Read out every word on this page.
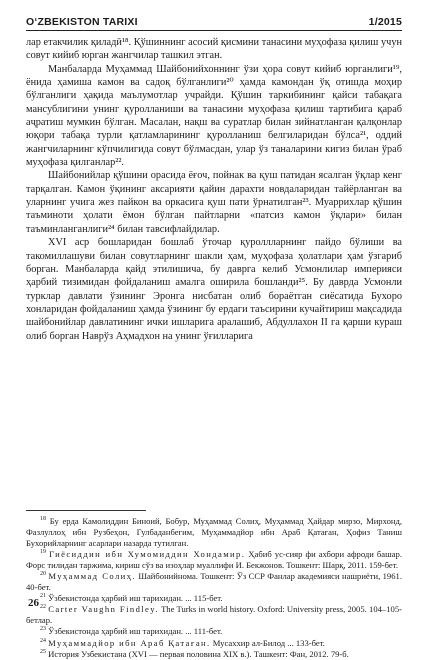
O‘ZBEKISTON TARIXI	1/2015

лар етакчилик қиладӣ¹⁸. Қўшиннинг асосий қисмини танасини муҳофаза қилиш учун совут кийиб юрган жангчилар ташкил этган.

Манбаларда Муҳаммад Шайбонийхоннинг ўзи ҳора совут кийиб юрганлиги¹⁹, ёнида ҳамиша камон ва садоқ бўлганлиги²⁰ ҳамда камондан ўқ отишда моҳир бўлганлиги ҳақида маълумотлар учрайди. Қўшин таркибининг қайси табақага мансублигини унинг қуролланиши ва танасини муҳофаза қилиш тартибига қараб аҷратиш мумкин бўлган. Масалан, нақш ва суратлар билан зийнатланган қалқонлар юқори табақа турли қатламларининг қуролланиш белгиларидан бўлса²¹, оддий жангчиларнинг кўпчилигида совут бўлмасдан, улар ўз таналарини кигиз билан ўраб муҳофаза қилганлар²².

Шайбонийлар қўшини орасида ёғоч, пойнак ва қуш патидан ясалган ўқлар кенг тарқалган. Камон ўқининг аксарияти қайин дарахти новдаларидан тайёрланган ва уларнинг учига жез пайкон ва оркасига қуш пати ўрнатилган²³. Муаррихлар қўшин таъминоти ҳолати ёмон бўлган пайтларни «патсиз камон ўқлари» билан таъминланганлиги²⁴ билан тавсифлайдилар.

XVI аср бошларидан бошлаб ўточар қуроллларнинг пайдо бўлиши ва такомиллашуви билан совутларнинг шакли ҳам, муҳофаза ҳолатлари ҳам ўзгариб борган. Манбаларда қайд этилишича, бу даврга келиб Усмонлилар империяси ҳарбий тизимидан фойдаланиш амалга оширила бошланди²⁵. Бу даврда Усмонли турклар давлати ўзининг Эронга нисбатан олиб бораётган сиёсатида Бухоро хонларидан фойдаланиш ҳамда ўзининг бу ердаги таъсирини кучайтириш мақсадида шайбонийлар давлатининг ички ишларига аралашиб, Абдуллахон II га қарши кураш олиб борган Наврўз Аҳмадхон на унинг ўғилларига

$^{18}$ Бу ерда Камолиддин Биноий, Бобур, Муҳаммад Солиҳ, Муҳаммад Ҳайдар мирзо, Мирхонд, Фазлуллоҳ ибн Рузбеҳон, Гулбаданбегим, Муҳаммадйор ибн Араб Қатаған, Ҳофиз Таниш Бухорийларнинг асарлари назарда тутилган.

$^{19}$ Гиёсиддин ибн Хумомиддин Хондамир. Ҳабиб ус-сияр фи ахбори афроди башар. Форс тилидан таржима, кириш сўз ва изоҳлар муаллифи И. Бекжонов. Тошкент: Шарқ, 2011. 159-бет.

$^{20}$ Муҳаммад Солиҳ. Шайбонийнома. Тошкент: Ўз ССР Фанлар академияси нашриёти, 1961. 40-бет.

$^{21}$ Ўзбекистонда ҳарбий иш тарихидан. ... 115-бет.

$^{22}$ Carter Vaughn Findley. The Turks in world history. Oxford: University press, 2005. 104–105-бетлар.

$^{23}$ Ўзбекистонда ҳарбий иш тарихидан. ... 111-бет.

$^{24}$ Муҳаммадйор ибн Араб Қатаған. Мусаххир ал-Билод ... 133-бет.

$^{25}$ История Узбекистана (XVI — первая половина XIX в.). Ташкент: Фан, 2012. 79-б.

26
